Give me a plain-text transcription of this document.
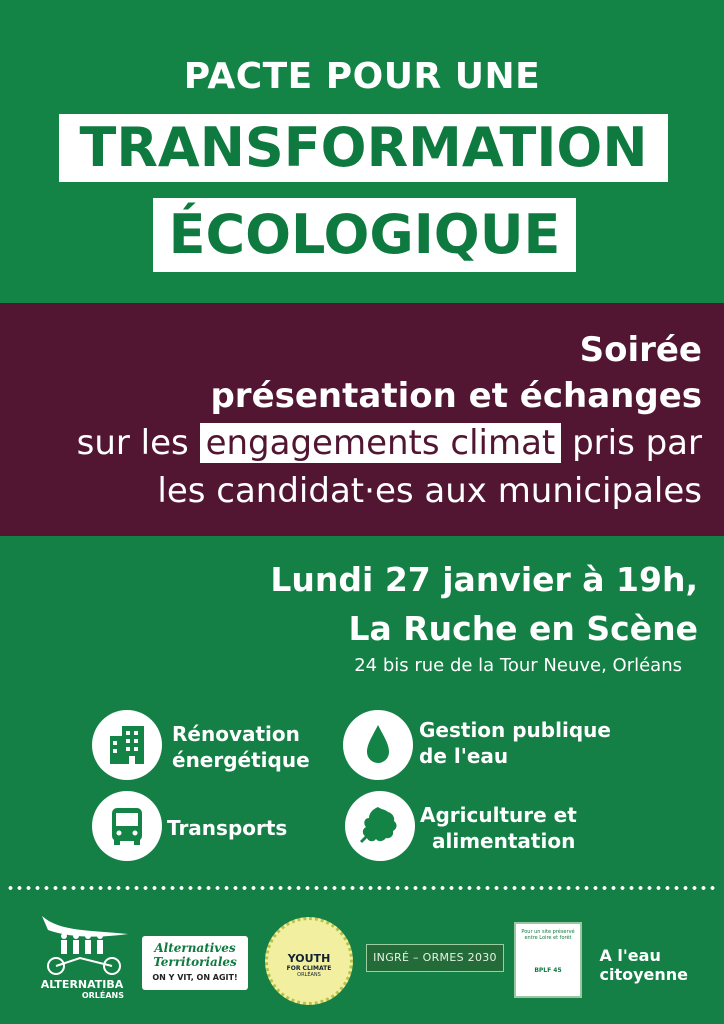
PACTE POUR UNE
TRANSFORMATION
ÉCOLOGIQUE
Soirée
présentation et échanges
sur les engagements climat pris par
les candidat·es aux municipales
Lundi 27 janvier à 19h,
La Ruche en Scène
24 bis rue de la Tour Neuve, Orléans
Rénovation
énergétique
Gestion publique
de l'eau
Transports
Agriculture et
alimentation
ALTERNATIBA
ORLÉANS
Alternatives
Territoriales
ON Y VIT, ON AGIT!
YOUTH
FOR CLIMATE
ORLÉANS
INGRÉ – ORMES 2030
Pour un site préservé entre Loire et forêt
BPLF 45
A l'eau
citoyenne
